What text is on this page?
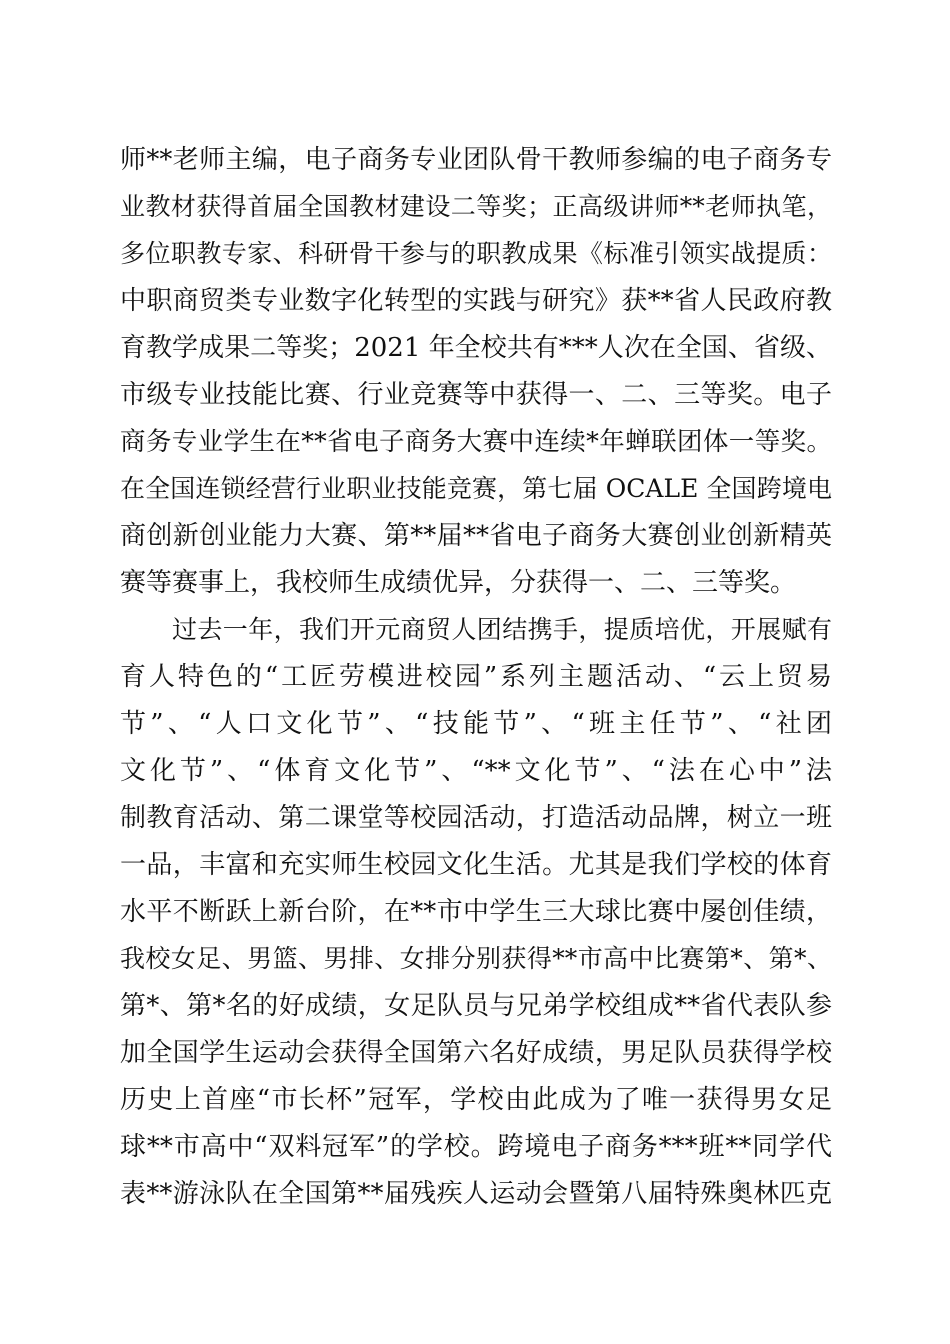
师**老师主编，电子商务专业团队骨干教师参编的电子商务专
业教材获得首届全国教材建设二等奖；正高级讲师**老师执笔，
多位职教专家、科研骨干参与的职教成果《标准引领实战提质：
中职商贸类专业数字化转型的实践与研究》获**省人民政府教
育教学成果二等奖；2021 年全校共有***人次在全国、省级、
市级专业技能比赛、行业竞赛等中获得一、二、三等奖。电子
商务专业学生在**省电子商务大赛中连续*年蝉联团体一等奖。
在全国连锁经营行业职业技能竞赛，第七届 OCALE 全国跨境电
商创新创业能力大赛、第**届**省电子商务大赛创业创新精英
赛等赛事上，我校师生成绩优异，分获得一、二、三等奖。
过去一年，我们开元商贸人团结携手，提质培优，开展赋有
育人特色的“工匠劳模进校园”系列主题活动、“云上贸易
节”、“人口文化节”、“技能节”、“班主任节”、“社团
文化节”、“体育文化节”、“**文化节”、“法在心中”法
制教育活动、第二课堂等校园活动，打造活动品牌，树立一班
一品，丰富和充实师生校园文化生活。尤其是我们学校的体育
水平不断跃上新台阶，在**市中学生三大球比赛中屡创佳绩，
我校女足、男篮、男排、女排分别获得**市高中比赛第*、第*、
第*、第*名的好成绩，女足队员与兄弟学校组成**省代表队参
加全国学生运动会获得全国第六名好成绩，男足队员获得学校
历史上首座“市长杯”冠军，学校由此成为了唯一获得男女足
球**市高中“双料冠军”的学校。跨境电子商务***班**同学代
表**游泳队在全国第**届残疾人运动会暨第八届特殊奥林匹克
